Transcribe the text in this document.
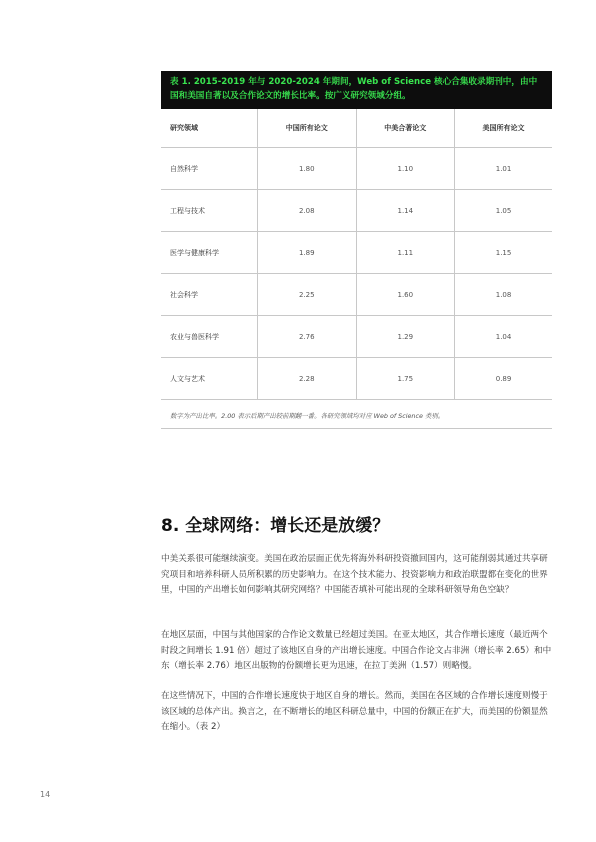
表 1. 2015-2019 年与 2020-2024 年期间，Web of Science 核心合集收录期刊中，由中国和美国自著以及合作论文的增长比率。按广义研究领域分组。
研究领域	中国所有论文	中美合著论文	美国所有论文
自然科学	1.80	1.10	1.01
工程与技术	2.08	1.14	1.05
医学与健康科学	1.89	1.11	1.15
社会科学	2.25	1.60	1.08
农业与兽医科学	2.76	1.29	1.04
人文与艺术	2.28	1.75	0.89
数字为产出比率。2.00 表示后期产出较前期翻一番。各研究领域均对应 Web of Science 类别。
8. 全球网络：增长还是放缓？

中美关系很可能继续演变。美国在政治层面正优先将海外科研投资撤回国内，这可能削弱其通过共享研究项目和培养科研人员所积累的历史影响力。在这个技术能力、投资影响力和政治联盟都在变化的世界里，中国的产出增长如何影响其研究网络？中国能否填补可能出现的全球科研领导角色空缺？

在地区层面，中国与其他国家的合作论文数量已经超过美国。在亚太地区，其合作增长速度（最近两个时段之间增长 1.91 倍）超过了该地区自身的产出增长速度。中国合作论文占非洲（增长率 2.65）和中东（增长率 2.76）地区出版物的份额增长更为迅速，在拉丁美洲（1.57）则略慢。

在这些情况下，中国的合作增长速度快于地区自身的增长。然而，美国在各区域的合作增长速度则慢于该区域的总体产出。换言之，在不断增长的地区科研总量中，中国的份额正在扩大，而美国的份额显然在缩小。（表 2）

14
